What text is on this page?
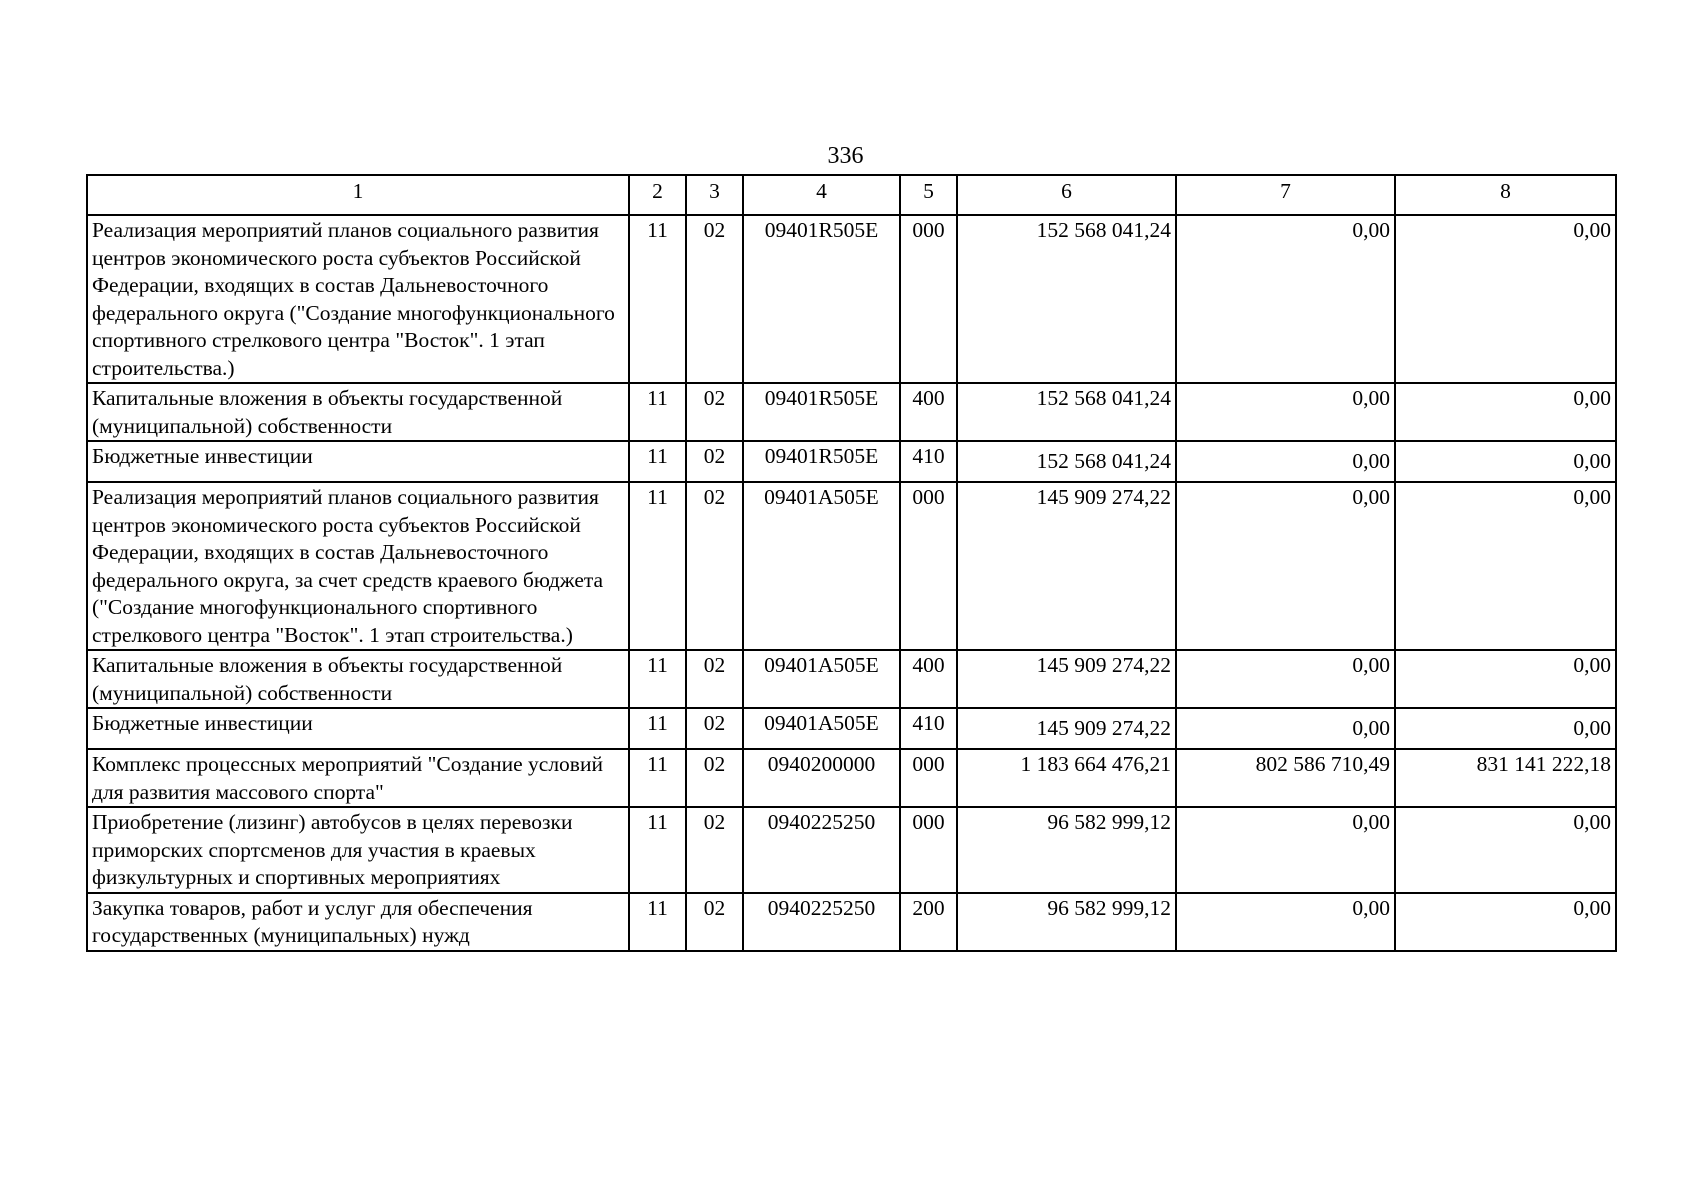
336
1	2	3	4	5	6	7	8
Реализация мероприятий планов социального развития центров экономического роста субъектов Российской Федерации, входящих в состав Дальневосточного федерального округа ("Создание многофункционального спортивного стрелкового центра "Восток". 1 этап строительства.)	11	02	09401R505E	000	152 568 041,24	0,00	0,00
Капитальные вложения в объекты государственной (муниципальной) собственности	11	02	09401R505E	400	152 568 041,24	0,00	0,00
Бюджетные инвестиции	11	02	09401R505E	410	152 568 041,24	0,00	0,00
Реализация мероприятий планов социального развития центров экономического роста субъектов Российской Федерации, входящих в состав Дальневосточного федерального округа, за счет средств краевого бюджета ("Создание многофункционального спортивного стрелкового центра "Восток". 1 этап строительства.)	11	02	09401A505E	000	145 909 274,22	0,00	0,00
Капитальные вложения в объекты государственной (муниципальной) собственности	11	02	09401A505E	400	145 909 274,22	0,00	0,00
Бюджетные инвестиции	11	02	09401A505E	410	145 909 274,22	0,00	0,00
Комплекс процессных мероприятий "Создание условий для развития массового спорта"	11	02	0940200000	000	1 183 664 476,21	802 586 710,49	831 141 222,18
Приобретение (лизинг) автобусов в целях перевозки приморских спортсменов для участия в краевых физкультурных и спортивных мероприятиях	11	02	0940225250	000	96 582 999,12	0,00	0,00
Закупка товаров, работ и услуг для обеспечения государственных (муниципальных) нужд	11	02	0940225250	200	96 582 999,12	0,00	0,00
